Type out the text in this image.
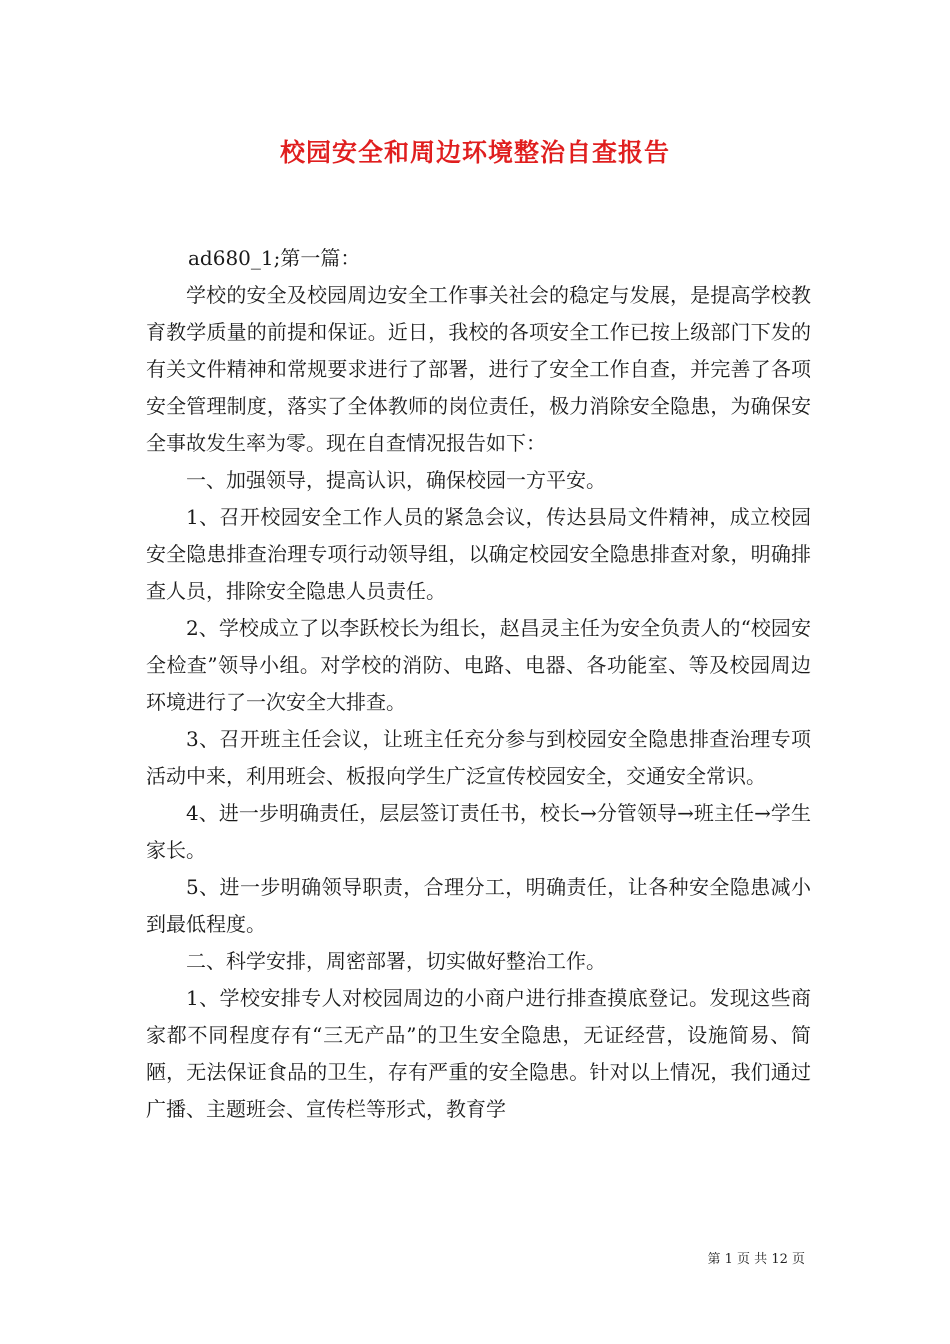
校园安全和周边环境整治自查报告

ad680_1;第一篇：

学校的安全及校园周边安全工作事关社会的稳定与发展，是提高学校教育教学质量的前提和保证。近日，我校的各项安全工作已按上级部门下发的有关文件精神和常规要求进行了部署，进行了安全工作自查，并完善了各项安全管理制度，落实了全体教师的岗位责任，极力消除安全隐患，为确保安全事故发生率为零。现在自查情况报告如下：

一、加强领导，提高认识，确保校园一方平安。

1、召开校园安全工作人员的紧急会议，传达县局文件精神，成立校园安全隐患排查治理专项行动领导组，以确定校园安全隐患排查对象，明确排查人员，排除安全隐患人员责任。

2、学校成立了以李跃校长为组长，赵昌灵主任为安全负责人的“校园安全检查”领导小组。对学校的消防、电路、电器、各功能室、等及校园周边环境进行了一次安全大排查。

3、召开班主任会议，让班主任充分参与到校园安全隐患排查治理专项活动中来，利用班会、板报向学生广泛宣传校园安全，交通安全常识。

4、进一步明确责任，层层签订责任书，校长→分管领导→班主任→学生家长。

5、进一步明确领导职责，合理分工，明确责任，让各种安全隐患减小到最低程度。

二、科学安排，周密部署，切实做好整治工作。

1、学校安排专人对校园周边的小商户进行排查摸底登记。发现这些商家都不同程度存有“三无产品”的卫生安全隐患，无证经营，设施简易、简陋，无法保证食品的卫生，存有严重的安全隐患。针对以上情况，我们通过广播、主题班会、宣传栏等形式，教育学

第 1 页 共 12 页
